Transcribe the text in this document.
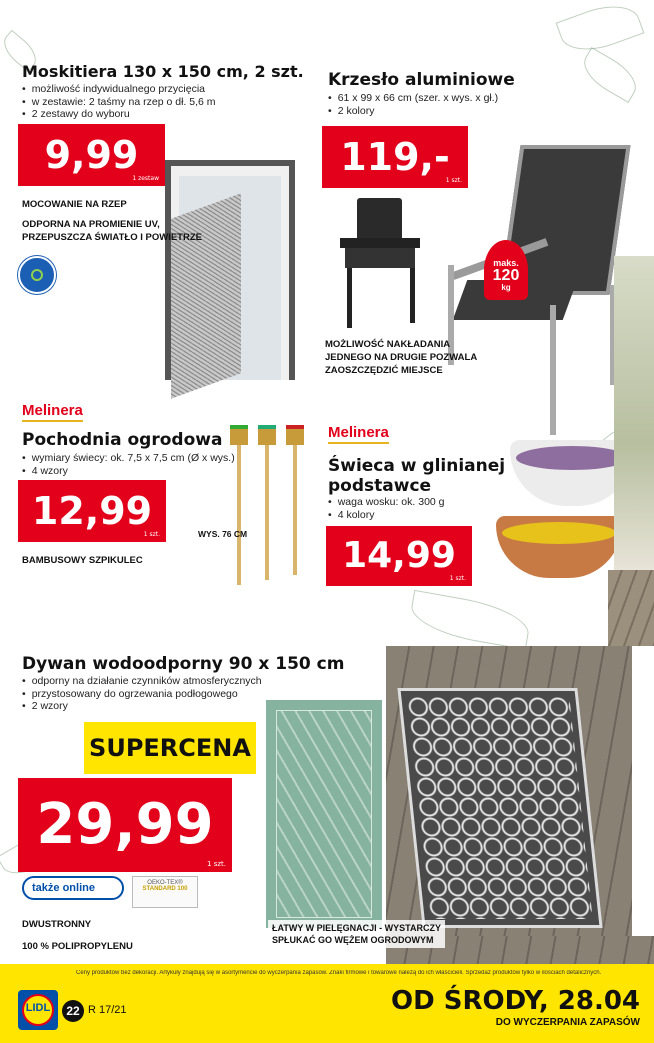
Moskitiera 130 x 150 cm, 2 szt.
• możliwość indywidualnego przycięcia
• w zestawie: 2 taśmy na rzep o dł. 5,6 m
• 2 zestawy do wyboru
9,99
1 zestaw
MOCOWANIE NA RZEP
ODPORNA NA PROMIENIE UV,
PRZEPUSZCZA ŚWIATŁO I POWIETRZE
Krzesło aluminiowe
• 61 x 99 x 66 cm (szer. x wys. x gł.)
• 2 kolory
119,-
1 szt.
maks.
120
kg
MOŻLIWOŚĆ NAKŁADANIA
JEDNEGO NA DRUGIE POZWALA
ZAOSZCZĘDZIĆ MIEJSCE
Melinera
Pochodnia ogrodowa
• wymiary świecy: ok. 7,5 x 7,5 cm (Ø x wys.)
• 4 wzory
12,99
1 szt.
BAMBUSOWY SZPIKULEC
WYS. 76 CM
Melinera
Świeca w glinianej
podstawce
• waga wosku: ok. 300 g
• 4 kolory
14,99
1 szt.
Dywan wodoodporny 90 x 150 cm
• odporny na działanie czynników atmosferycznych
• przystosowany do ogrzewania podłogowego
• 2 wzory
SUPERCENA
29,99
1 szt.
także online	OEKO-TEX®
STANDARD 100
DWUSTRONNY
100 % POLIPROPYLENU
ŁATWY W PIELĘGNACJI - WYSTARCZY
SPŁUKAĆ GO WĘŻEM OGRODOWYM
Ceny produktów bez dekoracji. Artykuły znajdują się w asortymencie do wyczerpania zapasów. Znaki firmowe i towarowe należą do ich właścicieli. Sprzedaż produktów tylko w ilościach detalicznych.
LIDL	22 R 17/21	OD ŚRODY, 28.04
DO WYCZERPANIA ZAPASÓW
